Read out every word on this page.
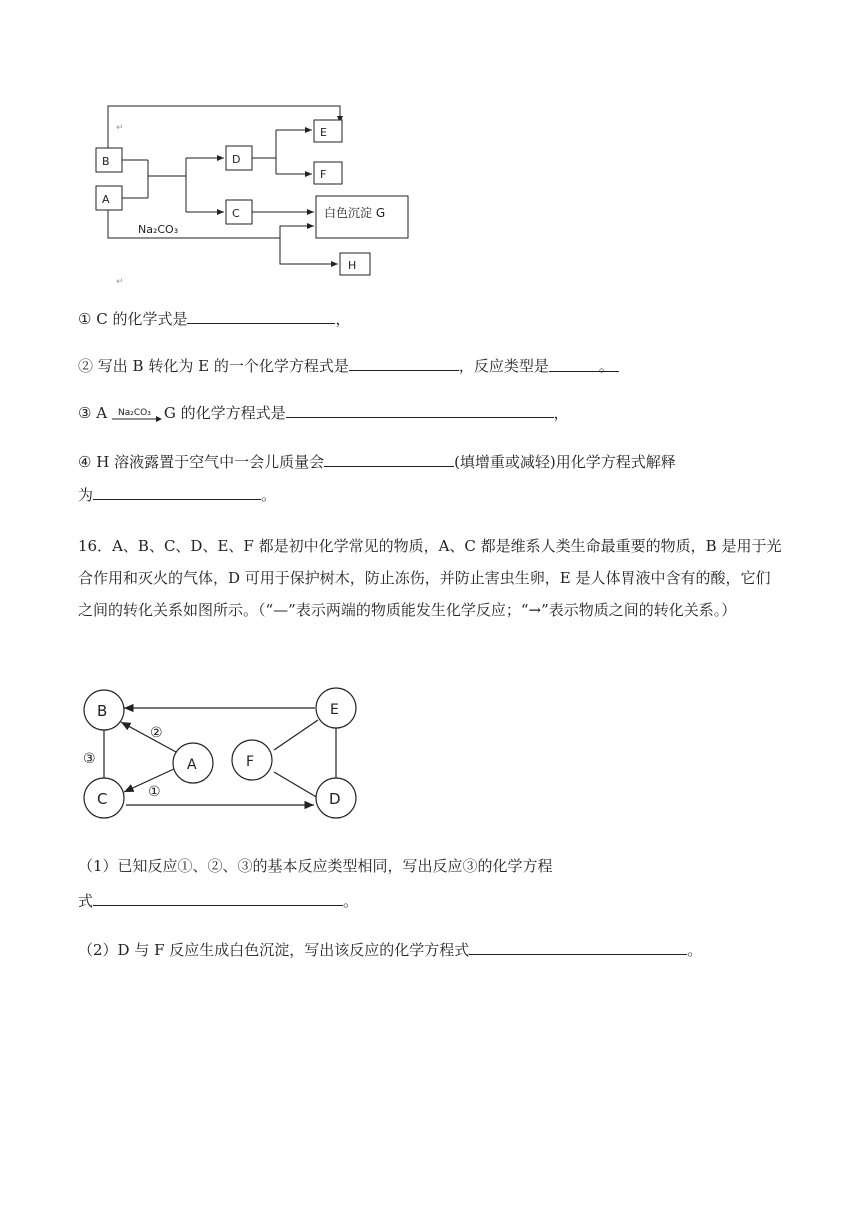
B
A
D
C
E
F
白色沉淀 G
H
Na₂CO₃
↵
↵
① C 的化学式是	，
② 写出 B 转化为 E 的一个化学方程式是	，反应类型是	。
③ A Na₂CO₃ G 的化学方程式是	，
④ H 溶液露置于空气中一会儿质量会	(填增重或减轻)用化学方程式解释
为	。
16．A、B、C、D、E、F 都是初中化学常见的物质，A、C 都是维系人类生命最重要的物质，B 是用于光合作用和灭火的气体，D 可用于保护树木，防止冻伤，并防止害虫生卵，E 是人体胃液中含有的酸，它们之间的转化关系如图所示。（“—”表示两端的物质能发生化学反应；“→”表示物质之间的转化关系。）
B
C
A	F
E
D
②
③
①
（1）已知反应①、②、③的基本反应类型相同，写出反应③的化学方程
式	。
（2）D 与 F 反应生成白色沉淀，写出该反应的化学方程式	。
